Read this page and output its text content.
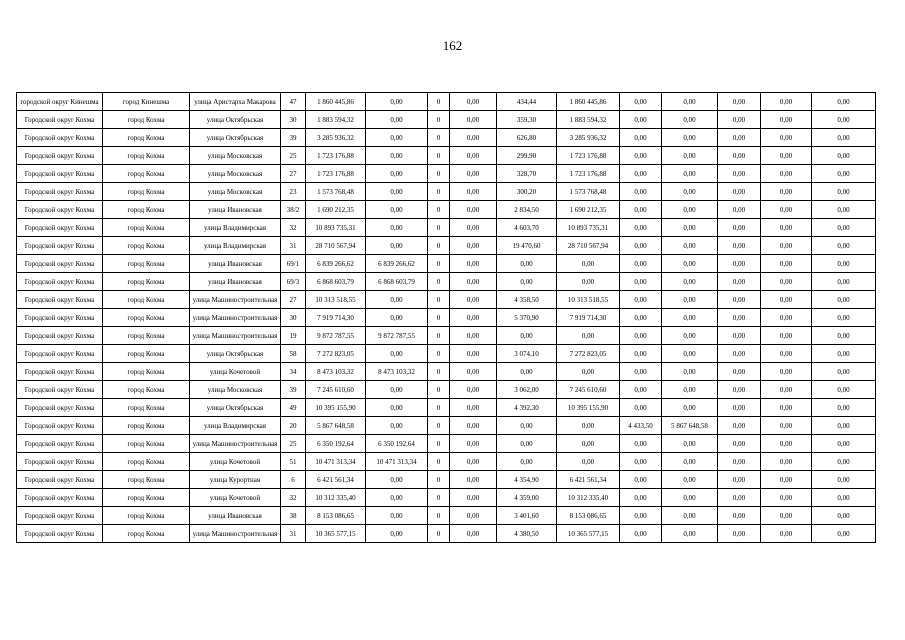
162
городской округ Кинешма	город Кинешма	улица Аристарха Макарова	47	1 860 445,86	0,00	0	0,00	434,44	1 860 445,86	0,00	0,00	0,00	0,00	0,00
Городской округ Кохма	город Кохма	улица Октябрьская	30	1 883 594,32	0,00	0	0,00	359,30	1 883 594,32	0,00	0,00	0,00	0,00	0,00
Городской округ Кохма	город Кохма	улица Октябрьская	39	3 285 936,32	0,00	0	0,00	626,80	3 285 936,32	0,00	0,00	0,00	0,00	0,00
Городской округ Кохма	город Кохма	улица Московская	25	1 723 176,88	0,00	0	0,00	299,90	1 723 176,88	0,00	0,00	0,00	0,00	0,00
Городской округ Кохма	город Кохма	улица Московская	27	1 723 176,88	0,00	0	0,00	328,70	1 723 176,88	0,00	0,00	0,00	0,00	0,00
Городской округ Кохма	город Кохма	улица Московская	23	1 573 768,48	0,00	0	0,00	300,20	1 573 768,48	0,00	0,00	0,00	0,00	0,00
Городской округ Кохма	город Кохма	улица Ивановская	38/2	1 690 212,35	0,00	0	0,00	2 834,50	1 690 212,35	0,00	0,00	0,00	0,00	0,00
Городской округ Кохма	город Кохма	улица Владимирская	32	10 893 735,31	0,00	0	0,00	4 603,70	10 893 735,31	0,00	0,00	0,00	0,00	0,00
Городской округ Кохма	город Кохма	улица Владимирская	31	28 710 567,94	0,00	0	0,00	19 470,60	28 710 567,94	0,00	0,00	0,00	0,00	0,00
Городской округ Кохма	город Кохма	улица Ивановская	69/1	6 839 266,62	6 839 266,62	0	0,00	0,00	0,00	0,00	0,00	0,00	0,00	0,00
Городской округ Кохма	город Кохма	улица Ивановская	69/3	6 868 603,79	6 868 603,79	0	0,00	0,00	0,00	0,00	0,00	0,00	0,00	0,00
Городской округ Кохма	город Кохма	улица Машиностроительная	27	10 313 518,55	0,00	0	0,00	4 358,50	10 313 518,55	0,00	0,00	0,00	0,00	0,00
Городской округ Кохма	город Кохма	улица Машиностроительная	30	7 919 714,30	0,00	0	0,00	5 370,90	7 919 714,30	0,00	0,00	0,00	0,00	0,00
Городской округ Кохма	город Кохма	улица Машиностроительная	19	9 872 787,55	9 872 787,55	0	0,00	0,00	0,00	0,00	0,00	0,00	0,00	0,00
Городской округ Кохма	город Кохма	улица Октябрьская	58	7 272 823,05	0,00	0	0,00	3 074,10	7 272 823,05	0,00	0,00	0,00	0,00	0,00
Городской округ Кохма	город Кохма	улица Кочетовой	34	8 473 103,32	8 473 103,32	0	0,00	0,00	0,00	0,00	0,00	0,00	0,00	0,00
Городской округ Кохма	город Кохма	улица Московская	39	7 245 610,60	0,00	0	0,00	3 062,00	7 245 610,60	0,00	0,00	0,00	0,00	0,00
Городской округ Кохма	город Кохма	улица Октябрьская	49	10 395 155,90	0,00	0	0,00	4 392,30	10 395 155,90	0,00	0,00	0,00	0,00	0,00
Городской округ Кохма	город Кохма	улица Владимирская	20	5 867 648,58	0,00	0	0,00	0,00	0,00	4 433,50	5 867 648,58	0,00	0,00	0,00
Городской округ Кохма	город Кохма	улица Машиностроительная	25	6 350 192,64	6 350 192,64	0	0,00	0,00	0,00	0,00	0,00	0,00	0,00	0,00
Городской округ Кохма	город Кохма	улица Кочетовой	51	10 471 313,34	10 471 313,34	0	0,00	0,00	0,00	0,00	0,00	0,00	0,00	0,00
Городской округ Кохма	город Кохма	улица Курортная	6	6 421 561,34	0,00	0	0,00	4 354,90	6 421 561,34	0,00	0,00	0,00	0,00	0,00
Городской округ Кохма	город Кохма	улица Кочетовой	32	10 312 335,40	0,00	0	0,00	4 359,00	10 312 335,40	0,00	0,00	0,00	0,00	0,00
Городской округ Кохма	город Кохма	улица Ивановская	38	8 153 086,65	0,00	0	0,00	3 401,60	8 153 086,65	0,00	0,00	0,00	0,00	0,00
Городской округ Кохма	город Кохма	улица Машиностроительная	31	10 365 577,15	0,00	0	0,00	4 380,50	10 365 577,15	0,00	0,00	0,00	0,00	0,00
